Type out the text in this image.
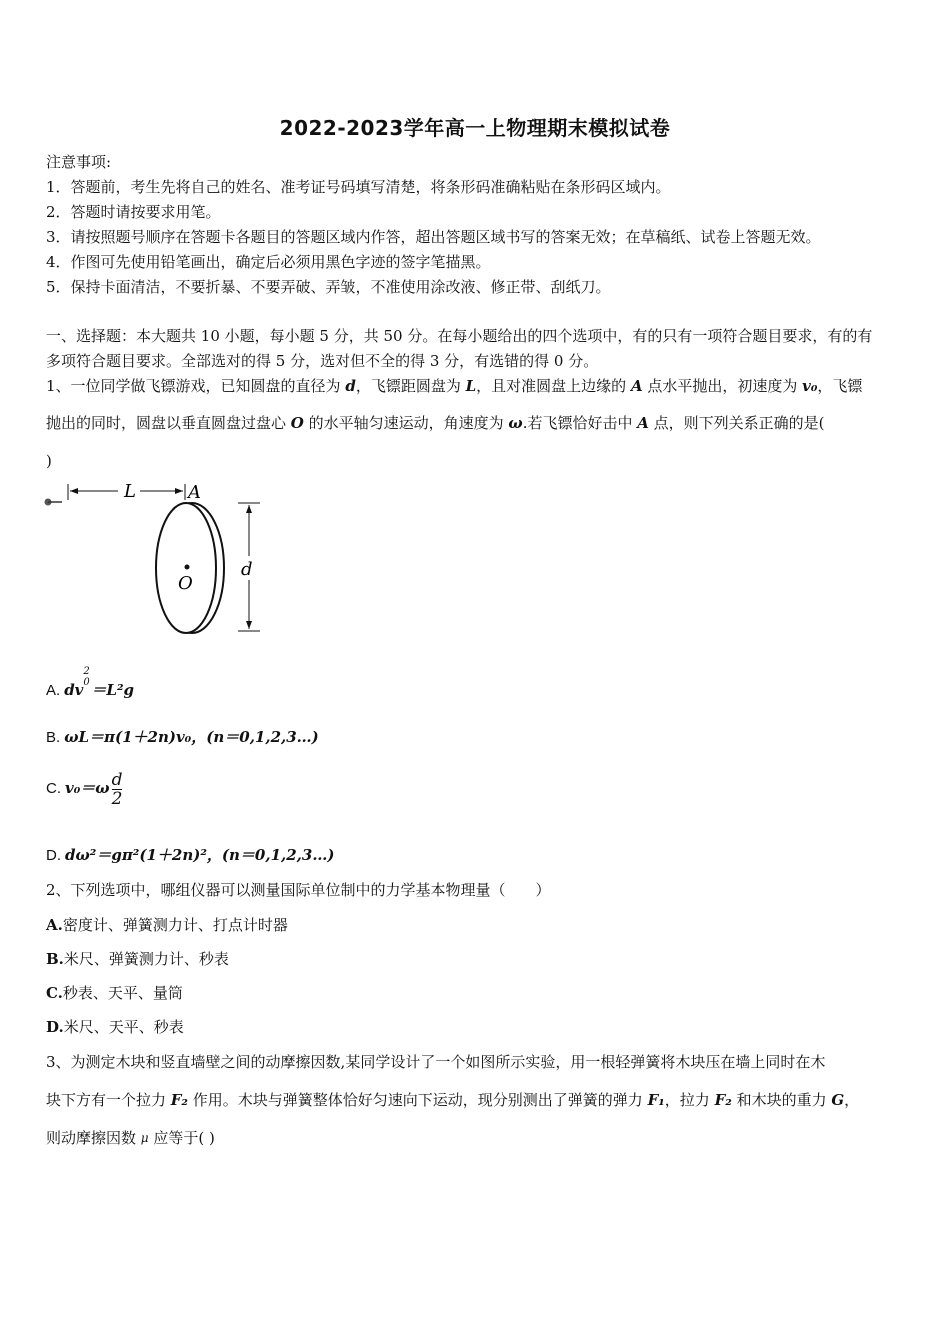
2022-2023学年高一上物理期末模拟试卷
注意事项:
1．答题前，考生先将自己的姓名、准考证号码填写清楚，将条形码准确粘贴在条形码区域内。
2．答题时请按要求用笔。
3．请按照题号顺序在答题卡各题目的答题区域内作答，超出答题区域书写的答案无效；在草稿纸、试卷上答题无效。
4．作图可先使用铅笔画出，确定后必须用黑色字迹的签字笔描黑。
5．保持卡面清洁，不要折暴、不要弄破、弄皱，不准使用涂改液、修正带、刮纸刀。
一、选择题：本大题共 10 小题，每小题 5 分，共 50 分。在每小题给出的四个选项中，有的只有一项符合题目要求，有的有
多项符合题目要求。全部选对的得 5 分，选对但不全的得 3 分，有选错的得 0 分。
1、一位同学做飞镖游戏，已知圆盘的直径为 d，飞镖距圆盘为 L，且对准圆盘上边缘的 A 点水平抛出，初速度为 v₀，飞镖
抛出的同时，圆盘以垂直圆盘过盘心 O 的水平轴匀速运动，角速度为 ω.若飞镖恰好击中 A 点，则下列关系正确的是(
)
L	A
O
d
A. dv
2
0 ＝L²g
B. ωL＝π(1＋2n)v₀，(n＝0,1,2,3…)
C. $v_0=\omega \frac{d}{2}$
D. dω²＝gπ²(1＋2n)²，(n＝0,1,2,3…)
2、下列选项中，哪组仪器可以测量国际单位制中的力学基本物理量（　　）
A.密度计、弹簧测力计、打点计时器
B.米尺、弹簧测力计、秒表
C.秒表、天平、量筒
D.米尺、天平、秒表
3、为测定木块和竖直墙壁之间的动摩擦因数,某同学设计了一个如图所示实验，用一根轻弹簧将木块压在墙上同时在木
块下方有一个拉力 F₂ 作用。木块与弹簧整体恰好匀速向下运动，现分别测出了弹簧的弹力 F₁，拉力 F₂ 和木块的重力 G，
则动摩擦因数 $^\mu$ 应等于( )
